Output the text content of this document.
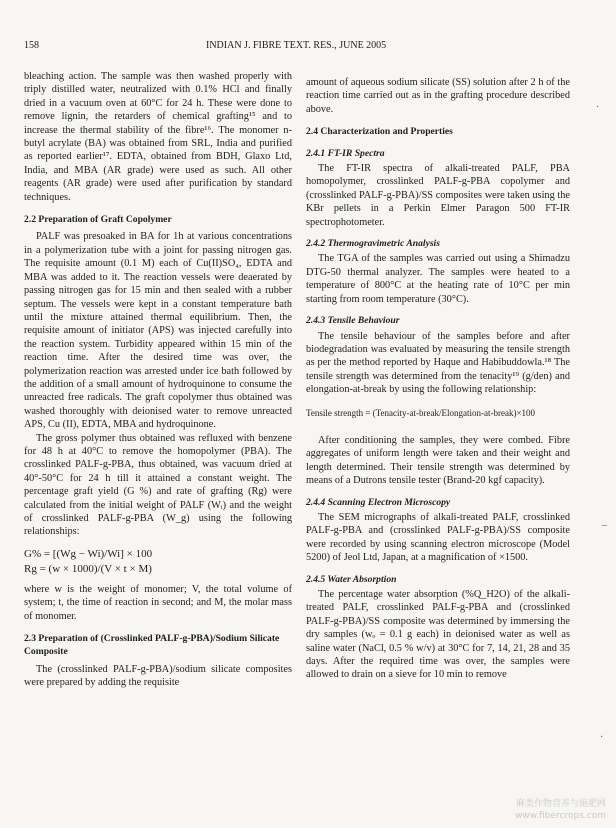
158	INDIAN J. FIBRE TEXT. RES., JUNE 2005

bleaching action. The sample was then washed properly with triply distilled water, neutralized with 0.1% HCl and finally dried in a vacuum oven at 60°C for 24 h. These were done to remove lignin, the retarders of chemical grafting¹⁵ and to increase the thermal stability of the fibre¹⁶. The monomer n-butyl acrylate (BA) was obtained from SRL, India and purified as reported earlier¹⁷. EDTA, obtained from BDH, Glaxo Ltd, India, and MBA (AR grade) were used as such. All other reagents (AR grade) were used after purification by standard techniques.

2.2 Preparation of Graft Copolymer

PALF was presoaked in BA for 1h at various concentrations in a polymerization tube with a joint for passing nitrogen gas. The requisite amount (0.1 M) each of Cu(II)SO₄, EDTA and MBA was added to it. The reaction vessels were deaerated by passing nitrogen gas for 15 min and then sealed with a rubber septum. The vessels were kept in a constant temperature bath until the mixture attained thermal equilibrium. Then, the requisite amount of initiator (APS) was injected carefully into the reaction system. Turbidity appeared within 15 min of the reaction time. After the desired time was over, the polymerization reaction was arrested under ice bath followed by the addition of a small amount of hydroquinone to consume the unreacted free radicals. The graft copolymer thus obtained was washed thoroughly with deionised water to remove unreacted APS, Cu (II), EDTA, MBA and hydroquinone.

The gross polymer thus obtained was refluxed with benzene for 48 h at 40°C to remove the homopolymer (PBA). The crosslinked PALF-g-PBA, thus obtained, was vacuum dried at 40°-50°C for 24 h till it attained a constant weight. The percentage graft yield (G %) and rate of grafting (Rg) were calculated from the initial weight of PALF (Wᵢ) and the weight of crosslinked PALF-g-PBA (W_g) using the following relationships:

G% = [(Wg − Wi)/Wi] × 100
Rg = (w × 1000)/(V × t × M)

where w is the weight of monomer; V, the total volume of system; t, the time of reaction in second; and M, the molar mass of monomer.

2.3 Preparation of (Crosslinked PALF-g-PBA)/Sodium Silicate Composite

The (crosslinked PALF-g-PBA)/sodium silicate composites were prepared by adding the requisite

amount of aqueous sodium silicate (SS) solution after 2 h of the reaction time carried out as in the grafting procedure described above.

2.4 Characterization and Properties
2.4.1 FT-IR Spectra

The FT-IR spectra of alkali-treated PALF, PBA homopolymer, crosslinked PALF-g-PBA copolymer and (crosslinked PALF-g-PBA)/SS composites were taken using the KBr pellets in a Perkin Elmer Paragon 500 FT-IR spectrophotometer.

2.4.2 Thermogravimetric Analysis

The TGA of the samples was carried out using a Shimadzu DTG-50 thermal analyzer. The samples were heated to a temperature of 800°C at the heating rate of 10°C per min starting from room temperature (30°C).

2.4.3 Tensile Behaviour

The tensile behaviour of the samples before and after biodegradation was evaluated by measuring the tensile strength as per the method reported by Haque and Habibuddowla.¹⁸ The tensile strength was determined from the tenacity¹⁹ (g/den) and elongation-at-break by using the following relationship:

Tensile strength = (Tenacity-at-break/Elongation-at-break)×100

After conditioning the samples, they were combed. Fibre aggregates of uniform length were taken and their weight and length determined. Their tensile strength was determined by means of a Dutrons tensile tester (Brand-20 kgf capacity).

2.4.4 Scanning Electron Microscopy

The SEM micrographs of alkali-treated PALF, crosslinked PALF-g-PBA and (crosslinked PALF-g-PBA)/SS composite were recorded by using scanning electron microscope (Model 5200) of Jeol Ltd, Japan, at a magnification of ×1500.

2.4.5 Water Absorption

The percentage water absorption (%Q_H2O) of the alkali-treated PALF, crosslinked PALF-g-PBA and (crosslinked PALF-g-PBA)/SS composite was determined by immersing the dry samples (wₒ = 0.1 g each) in deionised water as well as saline water (NaCl, 0.5 % w/v) at 30°C for 7, 14, 21, 28 and 35 days. After the required time was over, the samples were allowed to drain on a sieve for 10 min to remove

·
–
·
麻类作物营养与施肥网
www.fibercrops.com
